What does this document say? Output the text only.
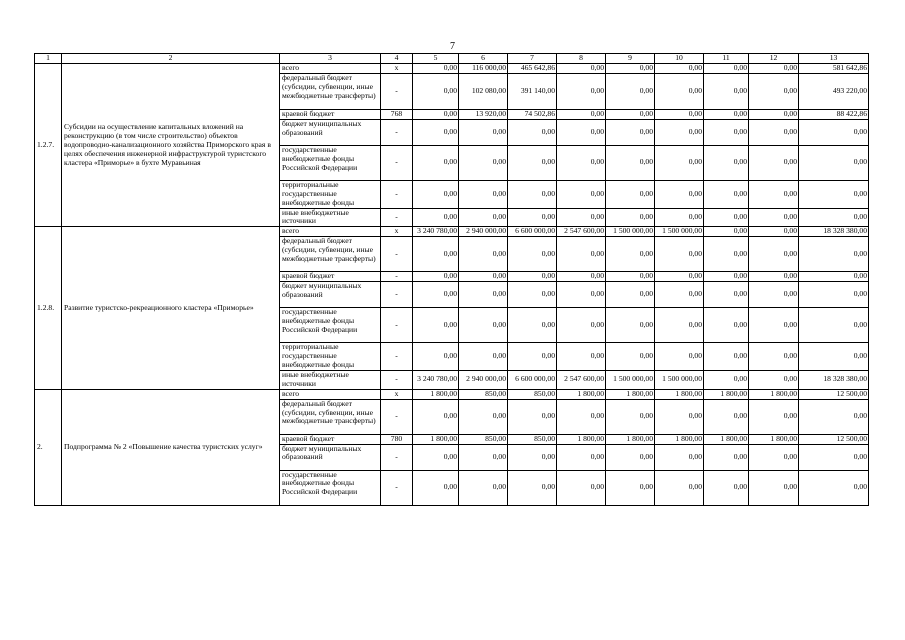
7
1	2	3	4	5	6	7	8	9	10	11	12	13
1.2.7.	Субсидии на осуществление капитальных вложений на реконструкцию (в том числе строительство) объектов водопроводно-канализационного хозяйства Приморского края в целях обеспечения инженерной инфраструктурой туристского кластера «Приморье» в бухте Муравьиная	всего	x	0,00	116 000,00	465 642,86	0,00	0,00	0,00	0,00	0,00	581 642,86
		федеральный бюджет (субсидии, субвенции, иные межбюджетные трансферты)	-	0,00	102 080,00	391 140,00	0,00	0,00	0,00	0,00	0,00	493 220,00
		краевой бюджет	768	0,00	13 920,00	74 502,86	0,00	0,00	0,00	0,00	0,00	88 422,86
		бюджет муниципальных образований	-	0,00	0,00	0,00	0,00	0,00	0,00	0,00	0,00	0,00
		государственные внебюджетные фонды Российской Федерации	-	0,00	0,00	0,00	0,00	0,00	0,00	0,00	0,00	0,00
		территориальные государственные внебюджетные фонды	-	0,00	0,00	0,00	0,00	0,00	0,00	0,00	0,00	0,00
		иные внебюджетные источники	-	0,00	0,00	0,00	0,00	0,00	0,00	0,00	0,00	0,00
1.2.8.	Развитие туристско-рекреационного кластера «Приморье»	всего	x	3 240 780,00	2 940 000,00	6 600 000,00	2 547 600,00	1 500 000,00	1 500 000,00	0,00	0,00	18 328 380,00
		федеральный бюджет (субсидии, субвенции, иные межбюджетные трансферты)	-	0,00	0,00	0,00	0,00	0,00	0,00	0,00	0,00	0,00
		краевой бюджет	-	0,00	0,00	0,00	0,00	0,00	0,00	0,00	0,00	0,00
		бюджет муниципальных образований	-	0,00	0,00	0,00	0,00	0,00	0,00	0,00	0,00	0,00
		государственные внебюджетные фонды Российской Федерации	-	0,00	0,00	0,00	0,00	0,00	0,00	0,00	0,00	0,00
		территориальные государственные внебюджетные фонды	-	0,00	0,00	0,00	0,00	0,00	0,00	0,00	0,00	0,00
		иные внебюджетные источники	-	3 240 780,00	2 940 000,00	6 600 000,00	2 547 600,00	1 500 000,00	1 500 000,00	0,00	0,00	18 328 380,00
2.	Подпрограмма № 2 «Повышение качества туристских услуг»	всего	x	1 800,00	850,00	850,00	1 800,00	1 800,00	1 800,00	1 800,00	1 800,00	12 500,00
		федеральный бюджет (субсидии, субвенции, иные межбюджетные трансферты)	-	0,00	0,00	0,00	0,00	0,00	0,00	0,00	0,00	0,00
		краевой бюджет	780	1 800,00	850,00	850,00	1 800,00	1 800,00	1 800,00	1 800,00	1 800,00	12 500,00
		бюджет муниципальных образований	-	0,00	0,00	0,00	0,00	0,00	0,00	0,00	0,00	0,00
		государственные внебюджетные фонды Российской Федерации	-	0,00	0,00	0,00	0,00	0,00	0,00	0,00	0,00	0,00
